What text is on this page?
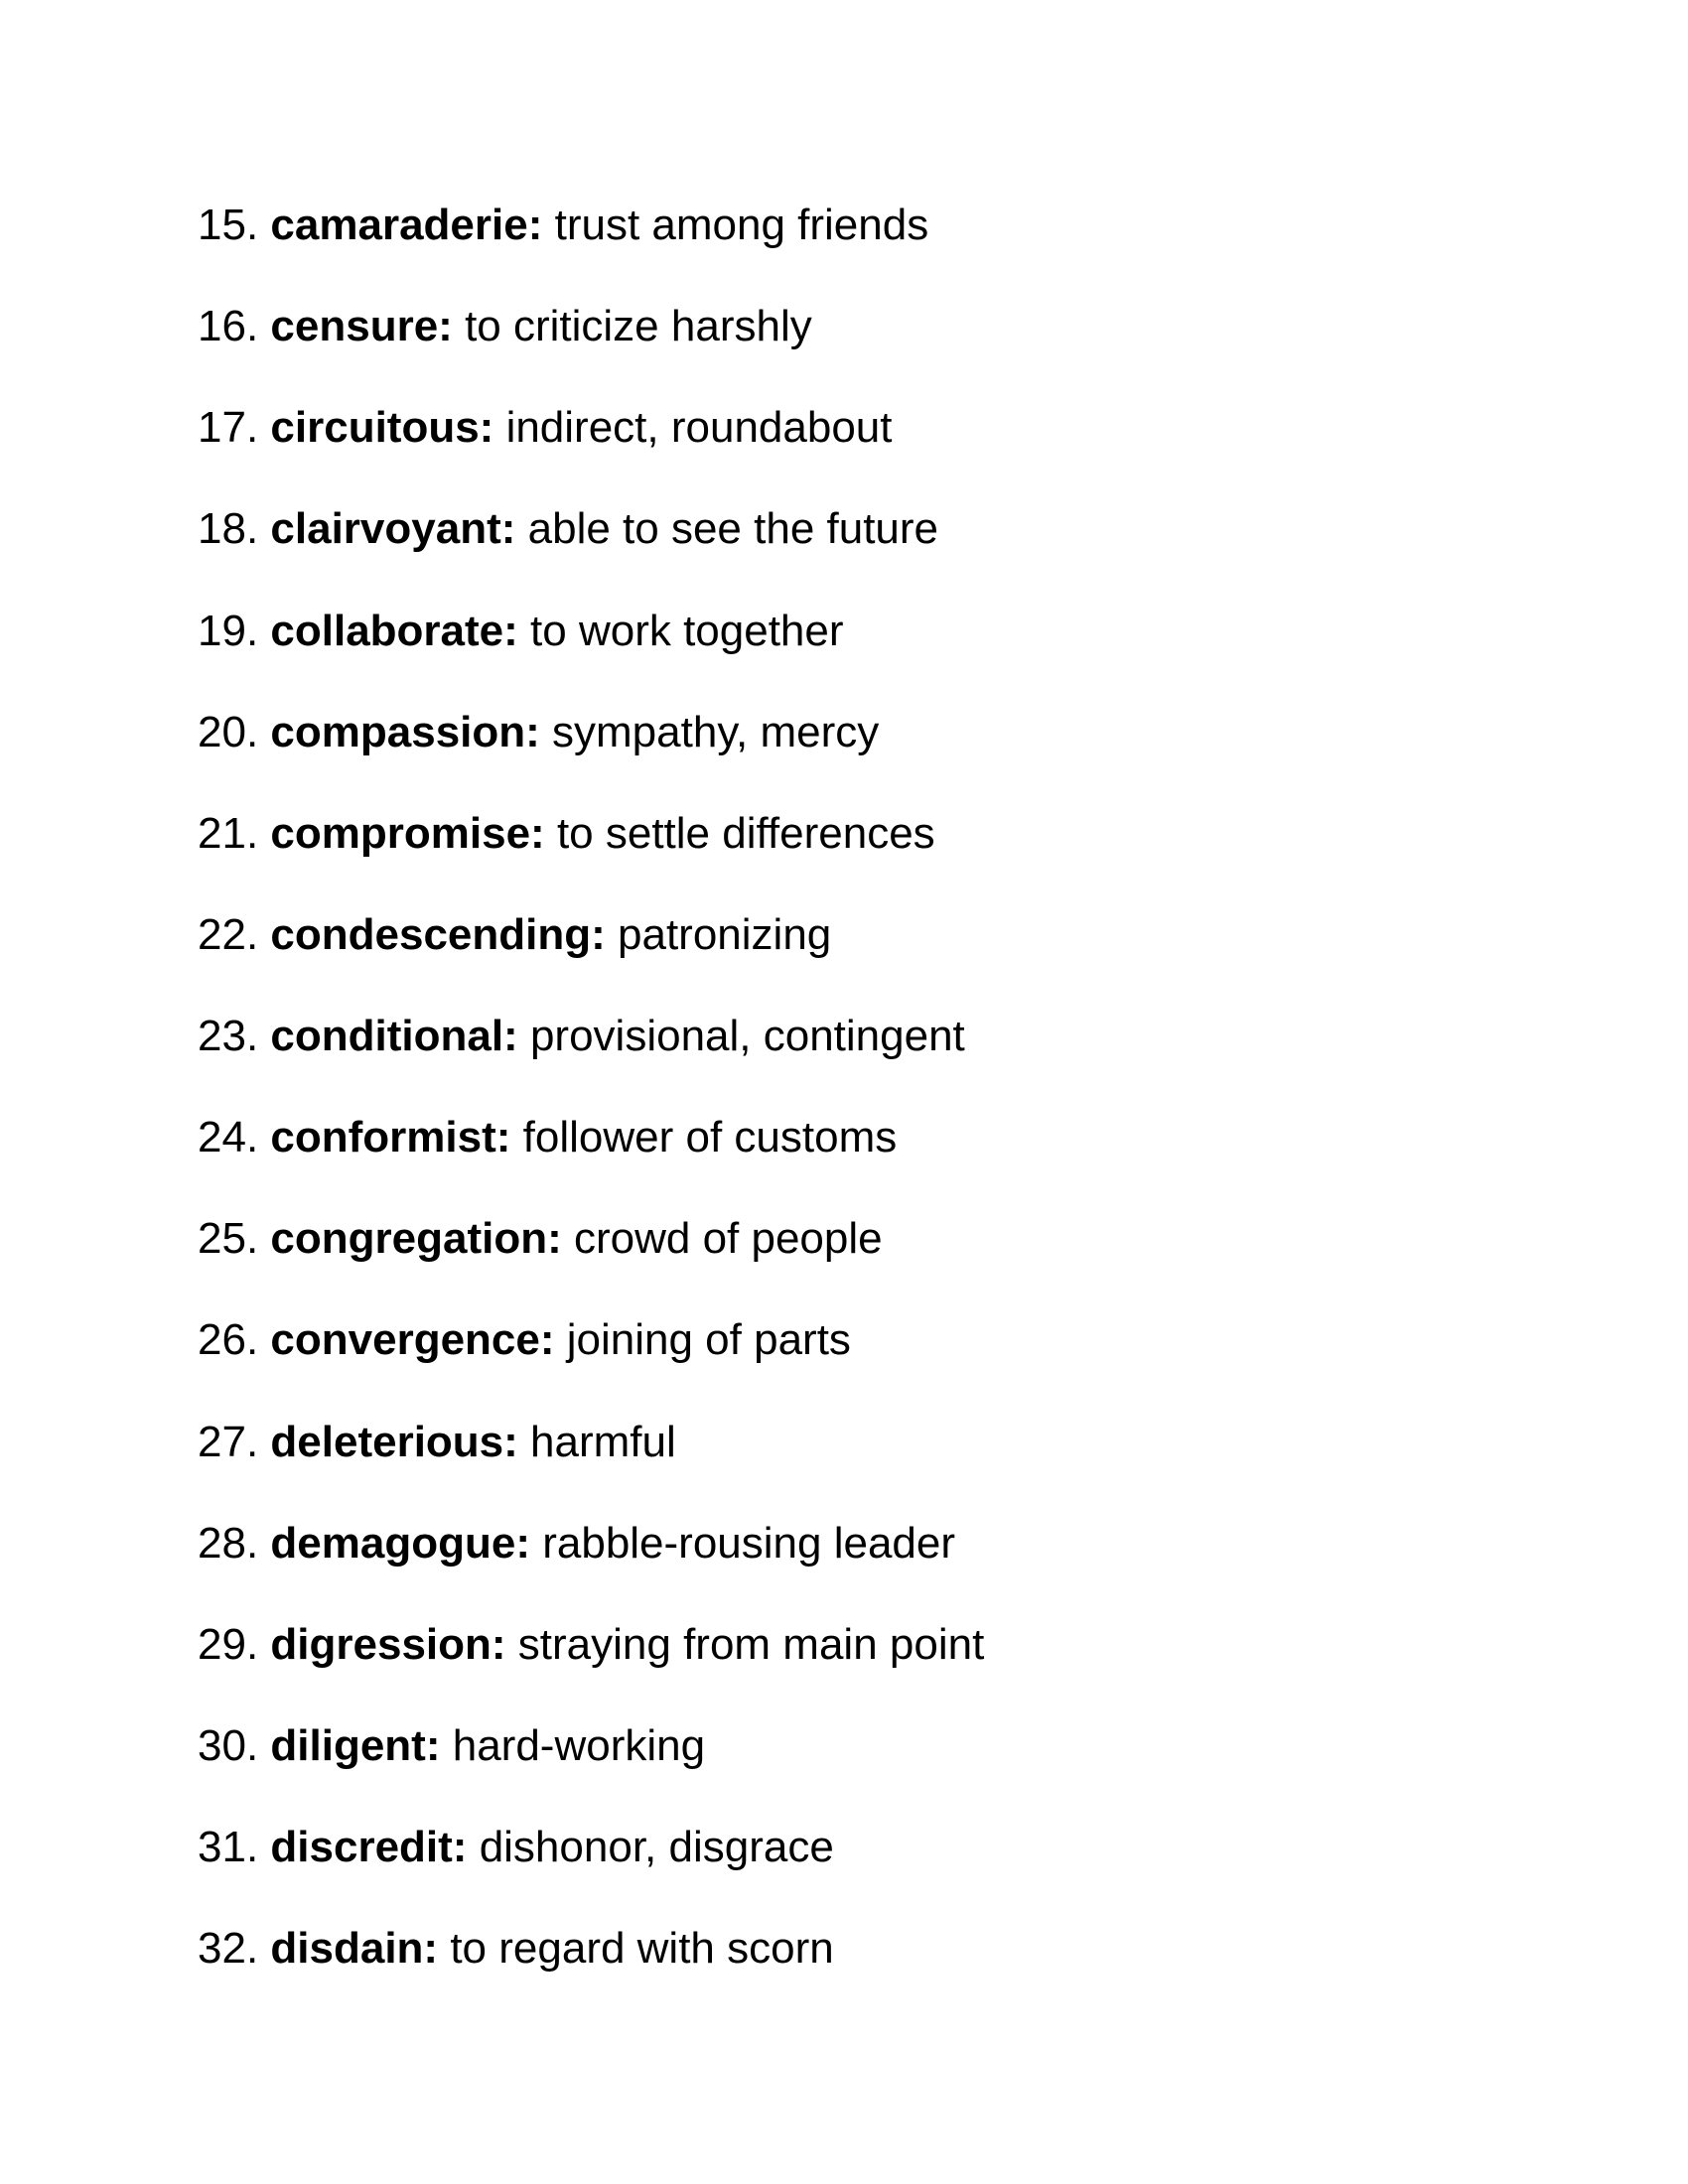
15. camaraderie: trust among friends
16. censure: to criticize harshly
17. circuitous: indirect, roundabout
18. clairvoyant: able to see the future
19. collaborate: to work together
20. compassion: sympathy, mercy
21. compromise: to settle differences
22. condescending: patronizing
23. conditional: provisional, contingent
24. conformist: follower of customs
25. congregation: crowd of people
26. convergence: joining of parts
27. deleterious: harmful
28. demagogue: rabble-rousing leader
29. digression: straying from main point
30. diligent: hard-working
31. discredit: dishonor, disgrace
32. disdain: to regard with scorn
